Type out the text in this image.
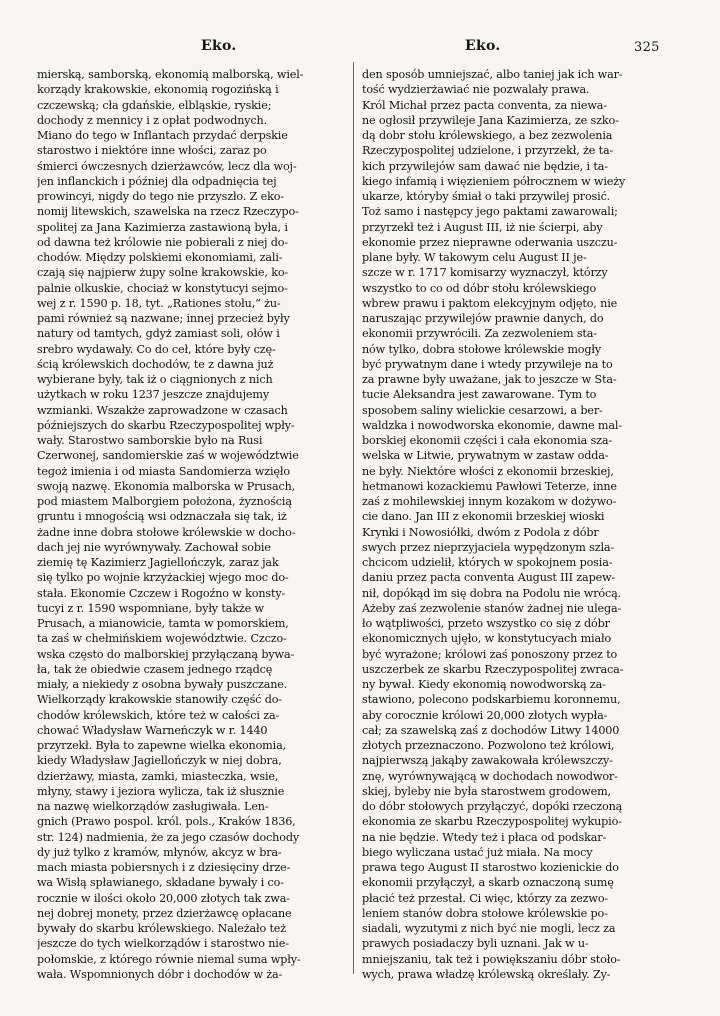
Eko.	Eko.	325
mierską, samborską, ekonomią malborską, wiel-
korządy krakowskie, ekonomią rogozińską i
czczewską; cła gdańskie, elbląskie, ryskie;
dochody z mennicy i z opłat podwodnych.
Miano do tego w Inflantach przydać derpskie
starostwo i niektóre inne włości, zaraz po
śmierci ówczesnych dzierżawców, lecz dla woj-
jen inflanckich i później dla odpadnięcia tej
prowincyi, nigdy do tego nie przyszło. Z eko-
nomij litewskich, szawelska na rzecz Rzeczypo-
spolitej za Jana Kazimierza zastawioną była, i
od dawna też królowie nie pobierali z niej do-
chodów. Między polskiemi ekonomiami, zali-
czają się najpierw żupy solne krakowskie, ko-
palnie olkuskie, chociaż w konstytucyi sejmo-
wej z r. 1590 p. 18, tyt. „Rationes stołu,“ żu-
pami również są nazwane; innej przecież były
natury od tamtych, gdyż zamiast soli, ołów i
srebro wydawały. Co do ceł, które były czę-
ścią królewskich dochodów, te z dawna już
wybierane były, tak iż o ciągnionych z nich
użytkach w roku 1237 jeszcze znajdujemy
wzmianki. Wszakże zaprowadzone w czasach
późniejszych do skarbu Rzeczypospolitej wpły-
wały. Starostwo samborskie było na Rusi
Czerwonej, sandomierskie zaś w województwie
tegoż imienia i od miasta Sandomierza wzięło
swoją nazwę. Ekonomia malborska w Prusach,
pod miastem Malborgiem położona, żyznością
gruntu i mnogością wsi odznaczała się tak, iż
żadne inne dobra stołowe królewskie w docho-
dach jej nie wyrównywały. Zachował sobie
ziemię tę Kazimierz Jagiellończyk, zaraz jak
się tylko po wojnie krzyżackiej wjego moc do-
stała. Ekonomie Czczew i Rogoźno w konsty-
tucyi z r. 1590 wspomniane, były także w
Prusach, a mianowicie, tamta w pomorskiem,
ta zaś w chełmińskiem województwie. Czczo-
wska często do malborskiej przyłączaną bywa-
ła, tak że obiedwie czasem jednego rządcę
miały, a niekiedy z osobna bywały puszczane.
Wielkorządy krakowskie stanowiły część do-
chodów królewskich, które też w całości za-
chować Władysław Warneńczyk w r. 1440
przyrzekł. Była to zapewne wielka ekonomia,
kiedy Władysław Jagiellończyk w niej dobra,
dzierżawy, miasta, zamki, miasteczka, wsie,
młyny, stawy i jeziora wylicza, tak iż słusznie
na nazwę wielkorządów zasługiwała. Len-
gnich (Prawo pospol. król. pols., Kraków 1836,
str. 124) nadmienia, że za jego czasów dochody
dy już tylko z kramów, młynów, akcyz w bra-
mach miasta pobiersnych i z dziesięciny drze-
wa Wisłą spławianego, składane bywały i co-
rocznie w ilości około 20,000 złotych tak zwa-
nej dobrej monety, przez dzierżawcę opłacane
bywały do skarbu królewskiego. Należało też
jeszcze do tych wielkorządów i starostwo nie-
połomskie, z którego równie niemal suma wpły-
wała. Wspomnionych dóbr i dochodów w ża-
den sposób umniejszać, albo taniej jak ich war-
tość wydzierżawiać nie pozwalały prawa.
Król Michał przez pacta conventa, za niewa-
ne ogłosił przywileje Jana Kazimierza, ze szko-
dą dobr stołu królewskiego, a bez zezwolenia
Rzeczypospolitej udzielone, i przyrzekł, że ta-
kich przywilejów sam dawać nie będzie, i ta-
kiego infamią i więzieniem półrocznem w wieży
ukarze, któryby śmiał o taki przywilej prosić.
Toż samo i następcy jego paktami zawarowali;
przyrzekł też i August III, iż nie ścierpi, aby
ekonomie przez nieprawne oderwania uszczu-
plane były. W takowym celu August II je-
szcze w r. 1717 komisarzy wyznaczył, którzy
wszystko to co od dóbr stołu królewskiego
wbrew prawu i paktom elekcyjnym odjęto, nie
naruszając przywilejów prawnie danych, do
ekonomii przywrócili. Za zezwoleniem sta-
nów tylko, dobra stołowe królewskie mogły
być prywatnym dane i wtedy przywileje na to
za prawne były uważane, jak to jeszcze w Sta-
tucie Aleksandra jest zawarowane. Tym to
sposobem saliny wielickie cesarzowi, a ber-
waldzka i nowodworska ekonomie, dawne mal-
borskiej ekonomii części i cała ekonomia sza-
welska w Litwie, prywatnym w zastaw odda-
ne były. Niektóre włości z ekonomii brzeskiej,
hetmanowi kozackiemu Pawłowi Teterze, inne
zaś z mohilewskiej innym kozakom w dożywo-
cie dano. Jan III z ekonomii brzeskiej wioski
Krynki i Nowosiółki, dwóm z Podola z dóbr
swych przez nieprzyjaciela wypędzonym szla-
chcicom udzielił, których w spokojnem posia-
daniu przez pacta conventa August III zapew-
nił, dopókąd im się dobra na Podolu nie wrócą.
Ażeby zaś zezwolenie stanów żadnej nie ulega-
ło wątpliwości, przeto wszystko co się z dóbr
ekonomicznych ujęło, w konstytucyach miało
być wyrażone; królowi zaś ponoszony przez to
uszczerbek ze skarbu Rzeczypospolitej zwraca-
ny bywał. Kiedy ekonomią nowodworską za-
stawiono, polecono podskarbiemu koronnemu,
aby corocznie królowi 20,000 złotych wypła-
cał; za szawelską zaś z dochodów Litwy 14000
złotych przeznaczono. Pozwolono też królowi,
najpierwszą jakąby zawakowała królewszczy-
znę, wyrównywającą w dochodach nowodwor-
skiej, byleby nie była starostwem grodowem,
do dóbr stołowych przyłączyć, dopóki rzeczoną
ekonomia ze skarbu Rzeczypospolitej wykupio-
na nie będzie. Wtedy też i płaca od podskar-
biego wyliczana ustać już miała. Na mocy
prawa tego August II starostwo kozienickie do
ekonomii przyłączył, a skarb oznaczoną sumę
płacić też przestał. Ci więc, którzy za zezwo-
leniem stanów dobra stołowe królewskie po-
siadali, wyzutymi z nich być nie mogli, lecz za
prawych posiadaczy byli uznani. Jak w u-
mniejszaniu, tak też i powiększaniu dóbr stoło-
wych, prawa władzę królewską określały. Zy-
